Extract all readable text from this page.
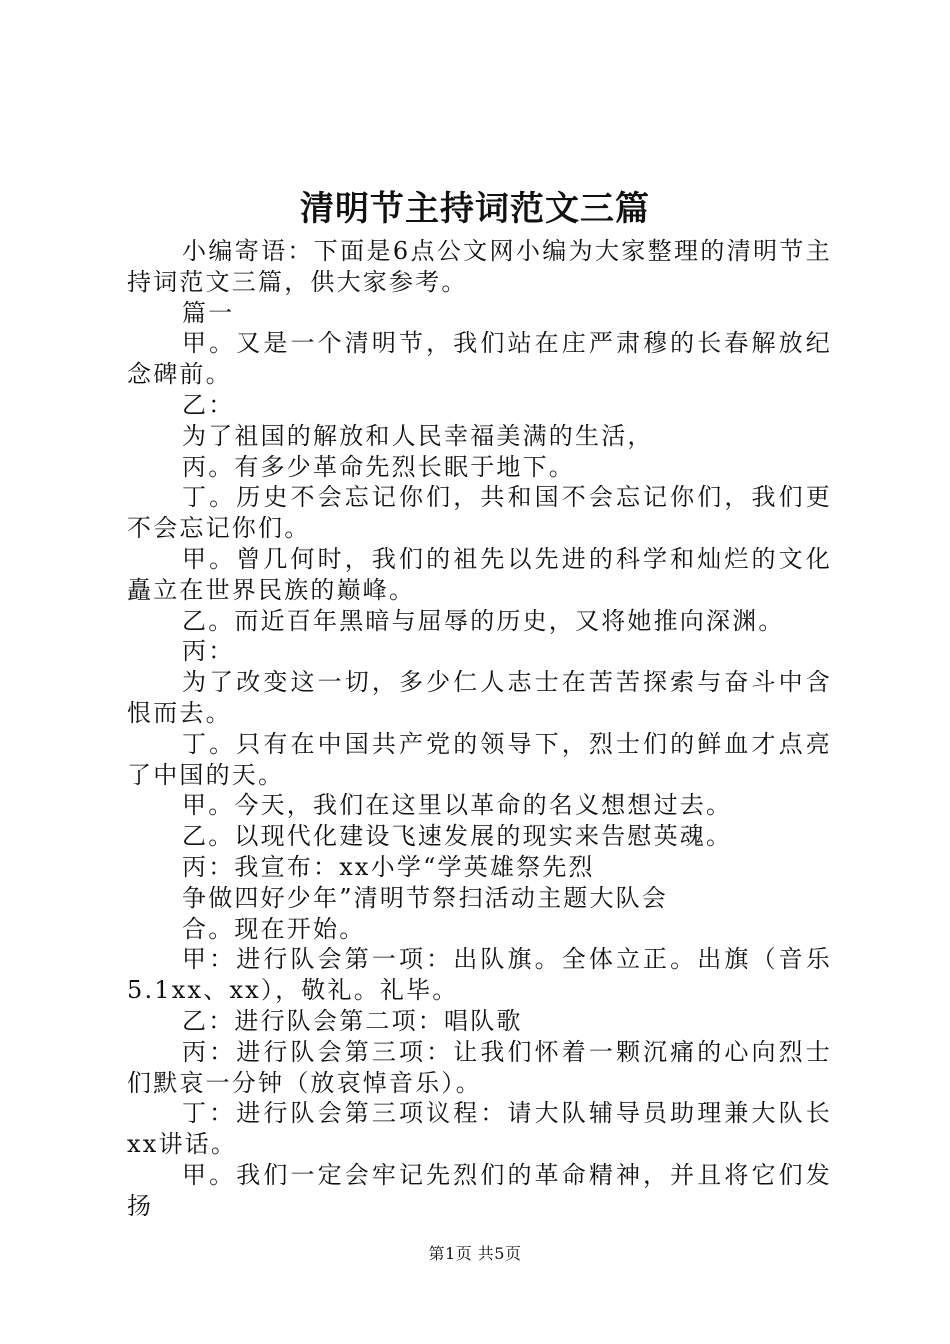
清明节主持词范文三篇

小编寄语：下面是6点公文网小编为大家整理的清明节主持词范文三篇，供大家参考。

篇一

甲。又是一个清明节，我们站在庄严肃穆的长春解放纪念碑前。

乙：

为了祖国的解放和人民幸福美满的生活，

丙。有多少革命先烈长眠于地下。

丁。历史不会忘记你们，共和国不会忘记你们，我们更不会忘记你们。

甲。曾几何时，我们的祖先以先进的科学和灿烂的文化矗立在世界民族的巅峰。

乙。而近百年黑暗与屈辱的历史，又将她推向深渊。

丙：

为了改变这一切，多少仁人志士在苦苦探索与奋斗中含恨而去。

丁。只有在中国共产党的领导下，烈士们的鲜血才点亮了中国的天。

甲。今天，我们在这里以革命的名义想想过去。

乙。以现代化建设飞速发展的现实来告慰英魂。

丙：我宣布：xx小学“学英雄祭先烈

争做四好少年”清明节祭扫活动主题大队会

合。现在开始。

甲：进行队会第一项：出队旗。全体立正。出旗（音乐5.1xx、xx），敬礼。礼毕。

乙：进行队会第二项：唱队歌

丙：进行队会第三项：让我们怀着一颗沉痛的心向烈士们默哀一分钟（放哀悼音乐）。

丁：进行队会第三项议程：请大队辅导员助理兼大队长xx讲话。

甲。我们一定会牢记先烈们的革命精神，并且将它们发扬

第1页 共5页
